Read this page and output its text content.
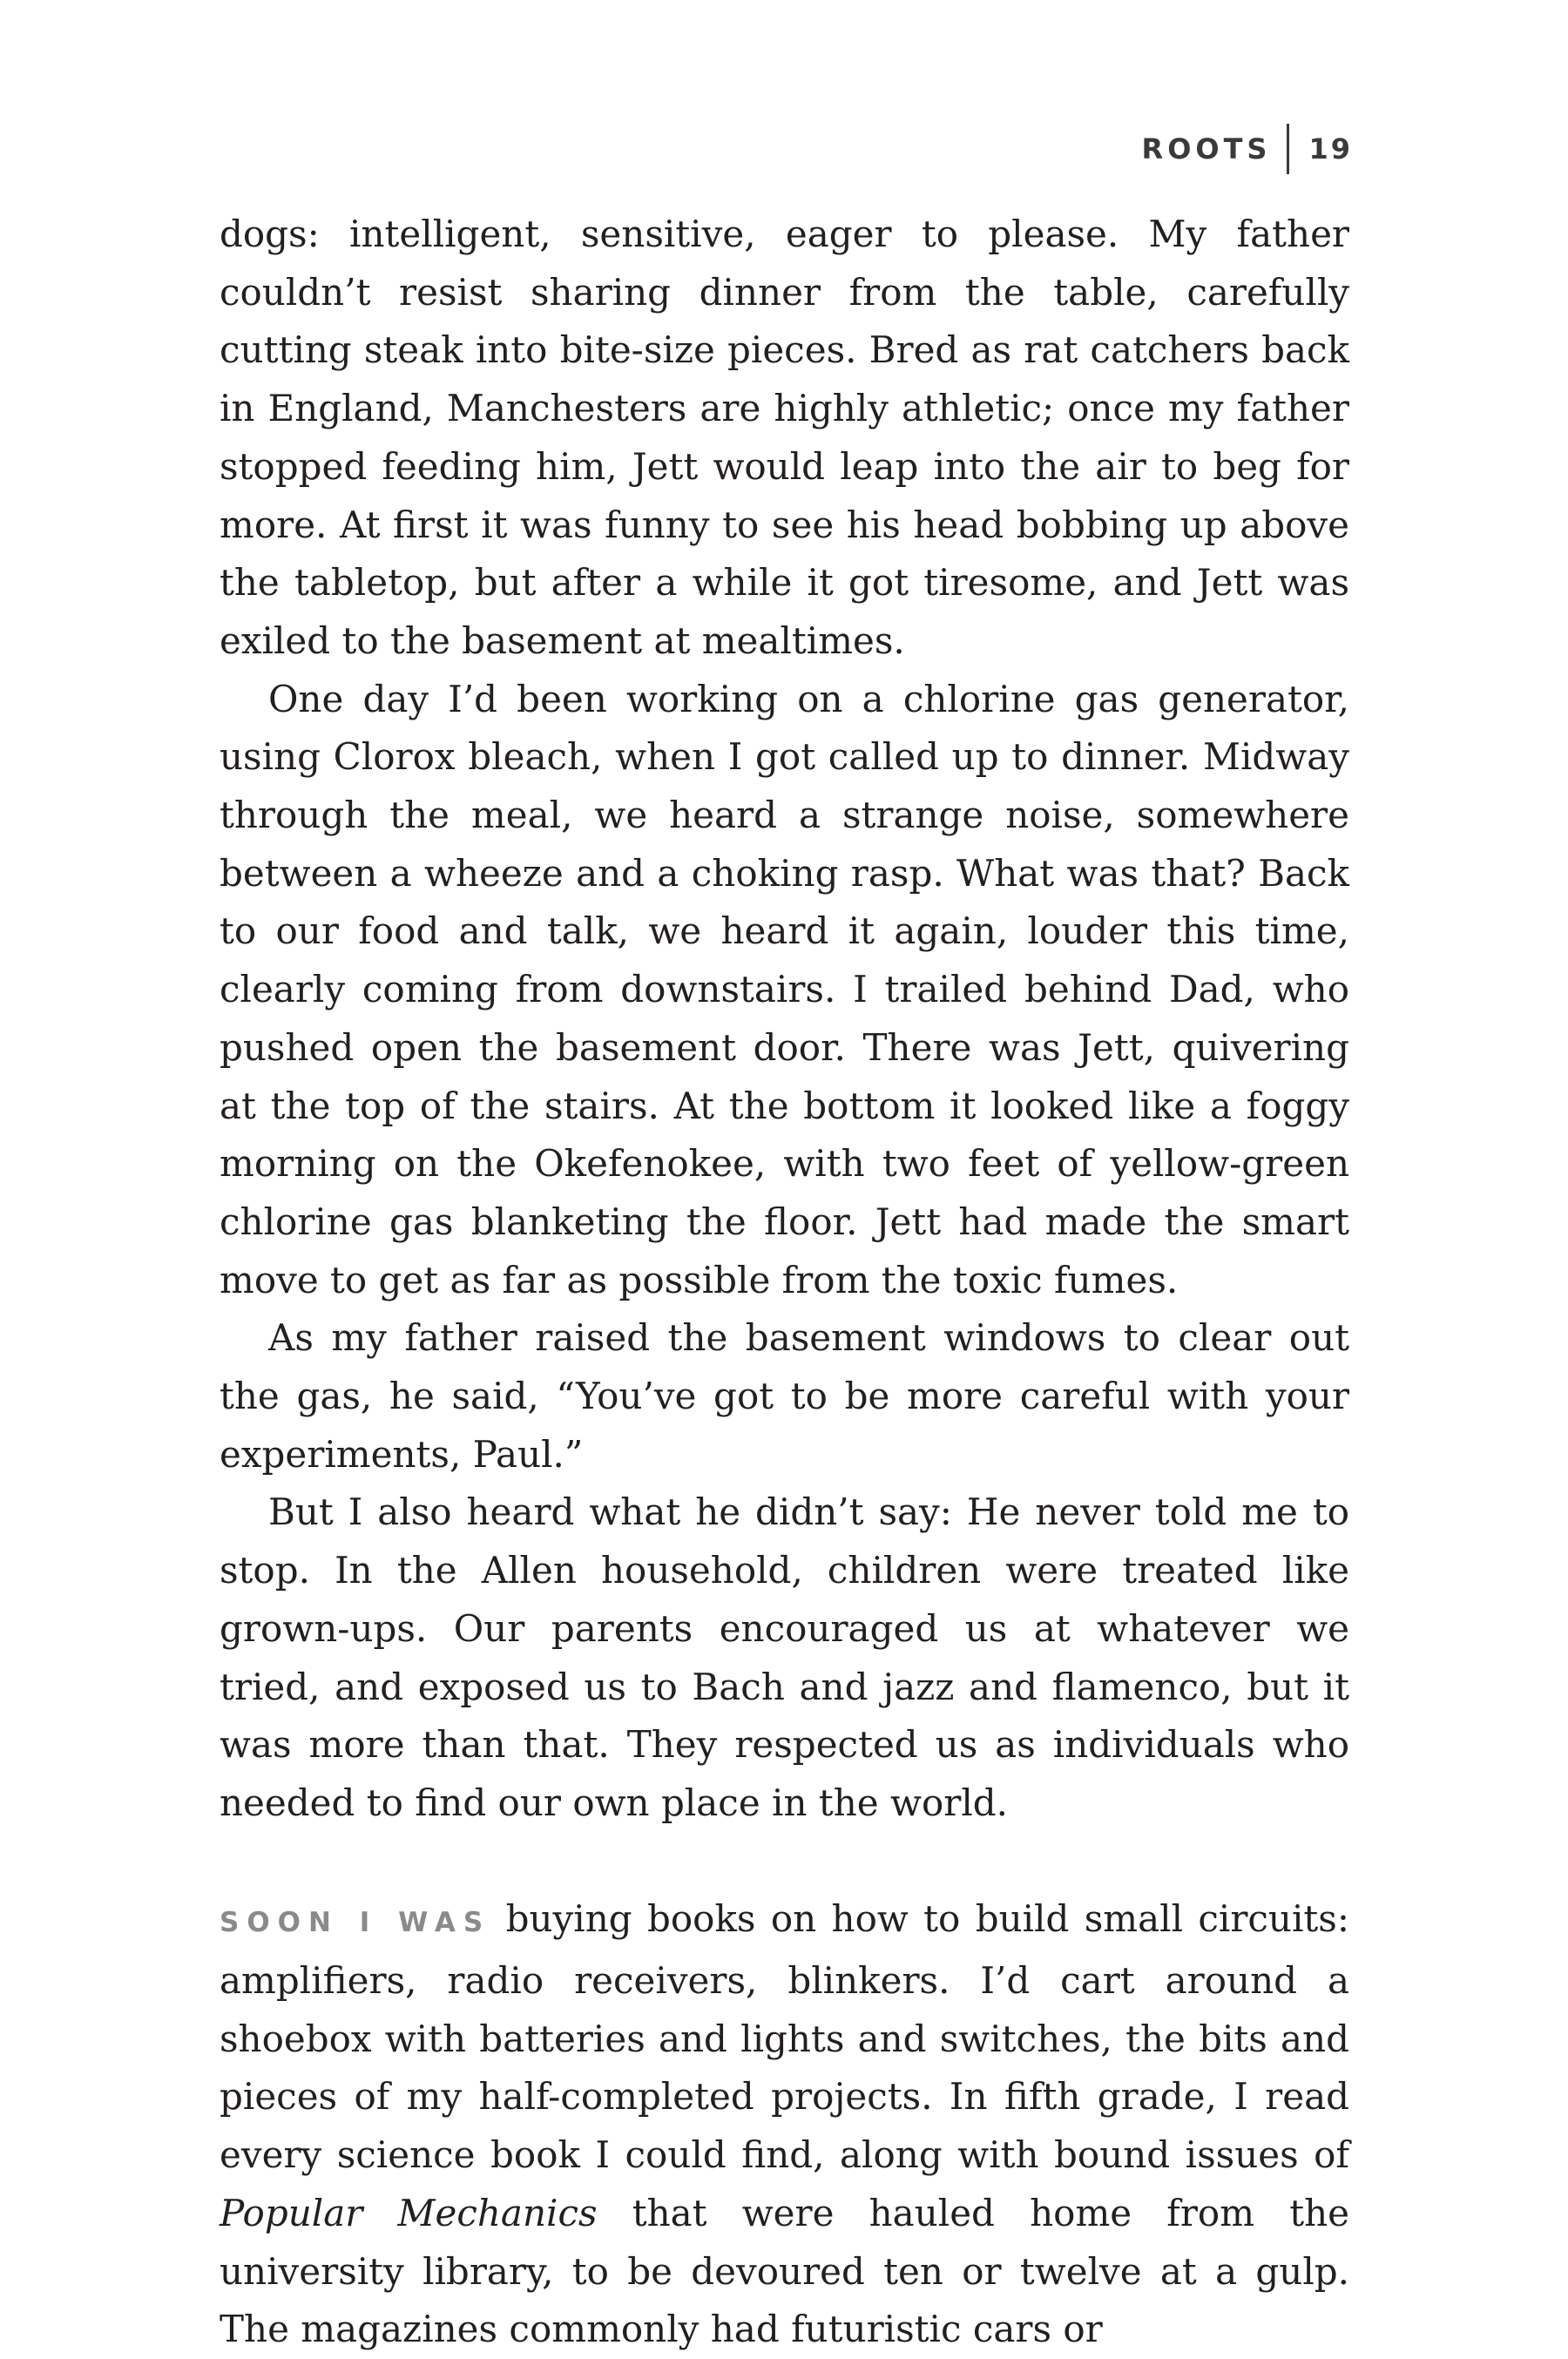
ROOTS 19

dogs: intelligent, sensitive, eager to please. My father couldn’t resist sharing dinner from the table, carefully cutting steak into bite-size pieces. Bred as rat catchers back in England, Manchesters are highly athletic; once my father stopped feeding him, Jett would leap into the air to beg for more. At first it was funny to see his head bobbing up above the tabletop, but after a while it got tiresome, and Jett was exiled to the basement at mealtimes.

One day I’d been working on a chlorine gas generator, using Clorox bleach, when I got called up to dinner. Midway through the meal, we heard a strange noise, somewhere between a wheeze and a choking rasp. What was that? Back to our food and talk, we heard it again, louder this time, clearly coming from downstairs. I trailed behind Dad, who pushed open the basement door. There was Jett, quivering at the top of the stairs. At the bottom it looked like a foggy morning on the Okefenokee, with two feet of yellow-green chlorine gas blanketing the floor. Jett had made the smart move to get as far as possible from the toxic fumes.

As my father raised the basement windows to clear out the gas, he said, “You’ve got to be more careful with your experiments, Paul.”

But I also heard what he didn’t say: He never told me to stop. In the Allen household, children were treated like grown-ups. Our parents encouraged us at whatever we tried, and exposed us to Bach and jazz and flamenco, but it was more than that. They respected us as individuals who needed to find our own place in the world.

SOON I WAS buying books on how to build small circuits: amplifiers, radio receivers, blinkers. I’d cart around a shoebox with batteries and lights and switches, the bits and pieces of my half-completed projects. In fifth grade, I read every science book I could find, along with bound issues of Popular Mechanics that were hauled home from the university library, to be devoured ten or twelve at a gulp. The magazines commonly had futuristic cars or
